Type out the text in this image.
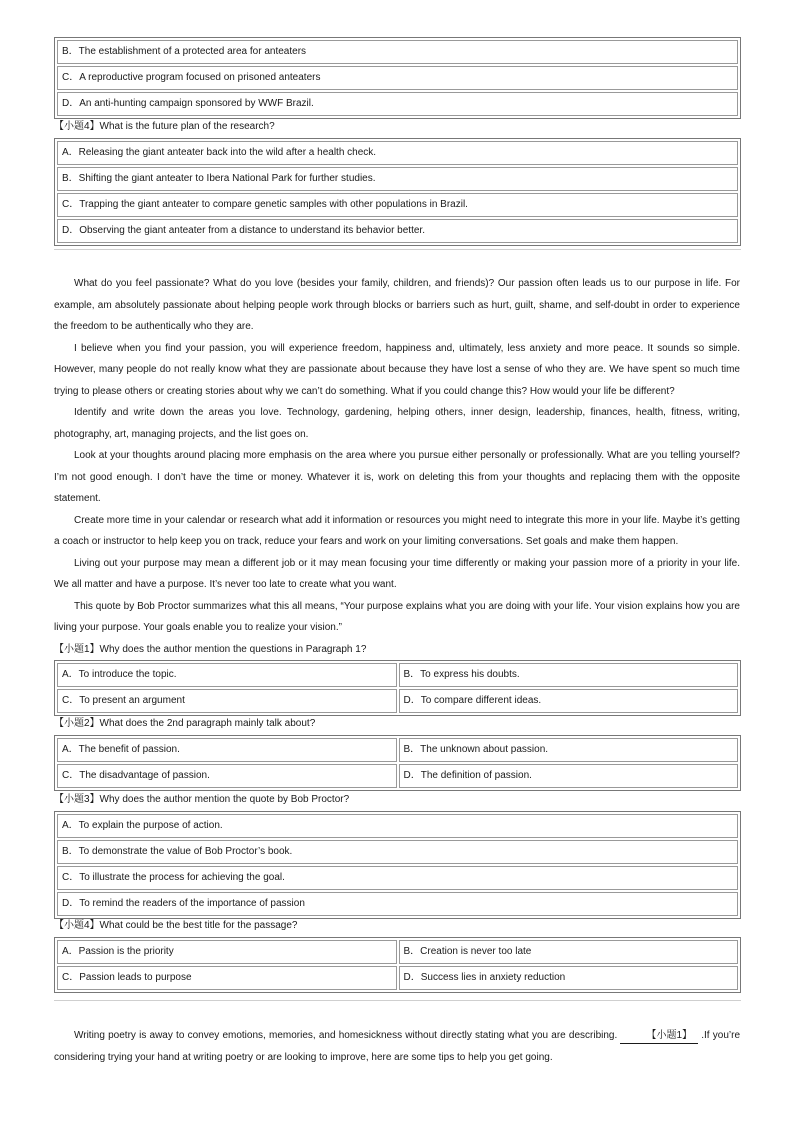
B．The establishment of a protected area for anteaters
C．A reproductive program focused on prisoned anteaters
D．An anti-hunting campaign sponsored by WWF Brazil.
【小题4】What is the future plan of the research?
A．Releasing the giant anteater back into the wild after a health check.
B．Shifting the giant anteater to Ibera National Park for further studies.
C．Trapping the giant anteater to compare genetic samples with other populations in Brazil.
D．Observing the giant anteater from a distance to understand its behavior better.

What do you feel passionate? What do you love (besides your family, children, and friends)? Our passion often leads us to our purpose in life. For example, am absolutely passionate about helping people work through blocks or barriers such as hurt, guilt, shame, and self-doubt in order to experience the freedom to be authentically who they are.

I believe when you find your passion, you will experience freedom, happiness and, ultimately, less anxiety and more peace. It sounds so simple. However, many people do not really know what they are passionate about because they have lost a sense of who they are. We have spent so much time trying to please others or creating stories about why we can’t do something. What if you could change this? How would your life be different?

Identify and write down the areas you love. Technology, gardening, helping others, inner design, leadership, finances, health, fitness, writing, photography, art, managing projects, and the list goes on.

Look at your thoughts around placing more emphasis on the area where you pursue either personally or professionally. What are you telling yourself? I’m not good enough. I don’t have the time or money. Whatever it is, work on deleting this from your thoughts and replacing them with the opposite statement.

Create more time in your calendar or research what add it information or resources you might need to integrate this more in your life. Maybe it’s getting a coach or instructor to help keep you on track, reduce your fears and work on your limiting conversations. Set goals and make them happen.

Living out your purpose may mean a different job or it may mean focusing your time differently or making your passion more of a priority in your life. We all matter and have a purpose. It’s never too late to create what you want.

This quote by Bob Proctor summarizes what this all means, “Your purpose explains what you are doing with your life. Your vision explains how you are living your purpose. Your goals enable you to realize your vision.”

【小题1】Why does the author mention the questions in Paragraph 1?
A．To introduce the topic.	B．To express his doubts.
C．To present an argument	D．To compare different ideas.
【小题2】What does the 2nd paragraph mainly talk about?
A．The benefit of passion.	B．The unknown about passion.
C．The disadvantage of passion.	D．The definition of passion.
【小题3】Why does the author mention the quote by Bob Proctor?
A．To explain the purpose of action.
B．To demonstrate the value of Bob Proctor’s book.
C．To illustrate the process for achieving the goal.
D．To remind the readers of the importance of passion
【小题4】What could be the best title for the passage?
A．Passion is the priority	B．Creation is never too late
C．Passion leads to purpose	D．Success lies in anxiety reduction

Writing poetry is away to convey emotions, memories, and homesickness without directly stating what you are describing.	【小题1】 .If you’re considering trying your hand at writing poetry or are looking to improve, here are some tips to help you get going.
